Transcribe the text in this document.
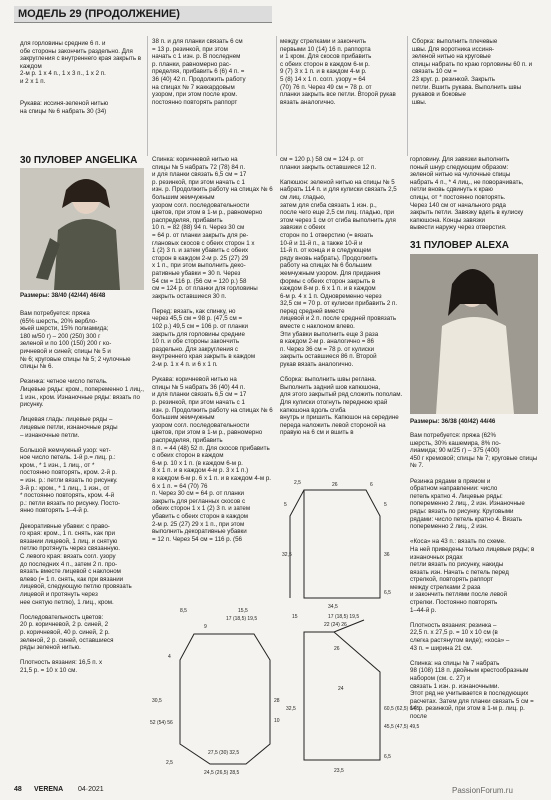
МОДЕЛЬ 29 (ПРОДОЛЖЕНИЕ)
для горловины средние 6 п. и
обе стороны закончить раздельно. Для закругления с внутреннего края закрыть в каждом
2-м р. 1 х 4 п., 1 х 3 п., 1 х 2 п.
и 2 х 1 п.
Рукава: иссиня-зеленой нитью
на спицы № 6 набрать 30 (34)
38 п. и для планки связать 6 см
= 13 р. резинкой, при этом
начать с 1 изн. р. В последнем
р. планки, равномерно рас-
пределяя, прибавить 6 (6) 4 п. =
36 (40) 42 п. Продолжить работу
на спицах № 7 жаккардовым
узором, при этом после кром.
постоянно повторять раппорт
между стрелками и закончить
первыми 10 (14) 16 п. раппорта
и 1 кром. Для скосов прибавить
с обеих сторон в каждом 6-м р.
9 (7) 3 х 1 п. и в каждом 4-м р.
5 (8) 14 х 1 п. согл. узору = 64
(70) 76 п. Через 49 см = 78 р. от
планки закрыть все петли. Второй рукав вязать аналогично.
Сборка: выполнить плечевые
швы. Для воротника иссиня-
зеленой нитью на круговые
спицы набрать по краю горловины 60 п. и связать 10 см =
23 круг. р. резинкой. Закрыть
петли. Вшить рукава. Выполнить швы рукавов и боковые
швы.
30 ПУЛОВЕР ANGELIKA
Размеры: 38/40 (42/44) 46/48
Вам потребуется: пряжа
(65% шерсть, 20% вербло-
жьей шерсти, 15% полиамида;
180 м/50 г) – 200 (250) 300 г
зеленой и по 100 (150) 200 г ко-
ричневой и синей; спицы № 5 и
№ 6; круговые спицы № 5; 2 чулочные спицы № 6.

Резинка: четное число петель.
Лицевые ряды: кром., попеременно 1 лиц., 1 изн., кром. Изнаночные ряды: вязать по рисунку.

Лицевая гладь: лицевые ряды –
лицевые петли, изнаночные ряды
– изнаночные петли.

Большой жемчужный узор: чет-
ное число петель. 1-й р.= лиц. р.:
кром., * 1 изн., 1 лиц., от *
постоянно повторять, кром. 2-й р.
= изн. р.: петли вязать по рисунку.
3-й р.: кром., * 1 лиц., 1 изн., от
* постоянно повторять, кром. 4-й
р.: петли вязать по рисунку. Посто-
янно повторять 1–4-й р.

Декоративные убавки: с право-
го края: кром., 1 п. снять, как при
вязании лицевой, 1 лиц. и снятую
петлю протянуть через связанную.
С левого края: вязать согл. узору
до последних 4 п., затем 2 п. про-
вязать вместе лицевой с наклоном
влево (= 1 п. снять, как при вязании лицевой, следующую петлю провязать лицевой и протянуть через
нее снятую петлю), 1 лиц., кром.

Последовательность цветов:
20 р. коричневой, 2 р. синей, 2
р. коричневой, 40 р. синей, 2 р.
зеленой, 2 р. синей, оставшиеся
ряды зеленой нитью.

Плотность вязания: 16,5 п. х
21,5 р. = 10 х 10 см.
Спинка: коричневой нитью на
спицы № 5 набрать 72 (78) 84 п.
и для планки связать 6,5 см = 17
р. резинкой, при этом начать с 1
изн. р. Продолжить работу на спицах № 6 большим жемчужным
узором согл. последовательности
цветов, при этом в 1-м р., равномерно распределяя, прибавить
10 п. = 82 (88) 94 п. Через 30 см
= 64 р. от планки закрыть для ре-
глановых скосов с обеих сторон 1 х
1 (2) 3 п. и затем убавить с обеих
сторон в каждом 2-м р. 25 (27) 29
х 1 п., при этом выполнить деко-
ративные убавки = 30 п. Через
54 см = 116 р. (56 см = 120 р.) 58
см = 124 р. от планки для горловины закрыть оставшиеся 30 п.

Перед: вязать, как спинку, но
через 45,5 см = 98 р. (47,5 см =
102 р.) 49,5 см = 106 р. от планки
закрыть для горловины средние
10 п. и обе стороны закончить
раздельно. Для закругления с внутреннего края закрыть в каждом
2-м р. 1 х 4 п. и 6 х 1 п.

Рукава: коричневой нитью на
спицы № 5 набрать 36 (40) 44 п.
и для планки связать 6,5 см = 17
р. резинкой, при этом начать с 1
изн. р. Продолжить работу на спицах № 6 большим жемчужным
узором согл. последовательности
цветов, при этом в 1-м р., равномерно распределяя, прибавить
8 п. = 44 (48) 52 п. Для скосов прибавить с обеих сторон в каждом
6-м р. 10 х 1 п. (в каждом 6-м р.
8 х 1 п. и в каждом 4-м р. 3 х 1 п.)
в каждом 6-м р. 6 х 1 п. и в каждом 4-м р. 6 х 1 п. = 64 (70) 76
п. Через 30 см = 64 р. от планки
закрыть для регланных скосов с
обеих сторон 1 х 1 (2) 3 п. и затем
убавить с обеих сторон в каждом
2-м р. 25 (27) 29 х 1 п., при этом
выполнить декоративные убавки
= 12 п. Через 54 см = 116 р. (56
см = 120 р.) 58 см = 124 р. от
планки закрыть оставшиеся 12 п.

Капюшон: зеленой нитью на спицы № 5 набрать 114 п. и для кулиски связать 2,5 см лиц. гладью,
затем для сгиба связать 1 изн. р.,
после чего еще 2,5 см лиц. гладью, при этом через 1 см от сгиба выполнить для завязки с обеих
сторон по 1 отверстию (= вязать
10-й и 11-й п., а также 10-й и
11-й п. от конца и в следующем
ряду вновь набрать). Продолжить
работу на спицах № 6 большим
жемчужным узором. Для придания
формы с обеих сторон закрыть в
каждом 8-м р. 6 х 1 п. и в каждом
6-м р. 4 х 1 п. Одновременно через
32,5 см = 70 р. от кулиски прибавить 2 п. перед средней вместе
лицевой и 2 п. после средней провязать вместе с наклоном влево.
Эти убавки выполнить еще 3 раза
в каждом 2-м р. аналогично = 86
п. Через 36 см = 78 р. от кулиски
закрыть оставшиеся 86 п. Второй
рукав вязать аналогично.

Сборка: выполнить швы реглана.
Выполнить задний шов капюшона,
для этого закрытый ряд сложить пополам. Для кулиски отогнуть переднюю край капюшона вдоль сгиба
внутрь и пришить. Капюшон на середине переда наложить левой стороной на правую на 6 см и вшить в
горловину. Для завязки выполнить
поный шнур следующим образом:
зеленой нитью на чулочные спицы
набрать 4 п., * 4 лиц., не поворачивать, петли вновь сдвинуть к краю
спицы, от * постоянно повторять.
Через 140 см от начального ряда
закрыть петли. Завязку вдеть в кулиску капюшона. Концы завязки
вывести наружу через отверстия.
31 ПУЛОВЕР ALEXA
Размеры: 36/38 (40/42) 44/46
Вам потребуется: пряжа (62%
шерсть, 30% кашемира, 8% по-
лиамида; 90 м/25 г) – 375 (400)
450 г кремовой; спицы № 7; круговые спицы № 7.

Резинка рядами в прямом и
обратном направлении: число
петель кратно 4. Лицевые ряды:
попеременно 2 лиц., 2 изн. Изнаночные ряды: вязать по рисунку. Круговыми рядами: число петель кратно 4. Вязать попеременно 2 лиц., 2 изн.

«Коса» на 43 п.: вязать по схеме.
На ней приведены только лицевые ряды; в изнаночных рядах
петли вязать по рисунку, накиды
вязать изн. Начать с петель перед стрелкой, повторять раппорт
между стрелками 2 раза
и закончить петлями после левой
стрелки. Постоянно повторять
1–44-й р.

Плотность вязания: резинка –
22,5 п. х 27,5 р. = 10 х 10 см (в
слегка растянутом виде); «коса» –
43 п. = ширина 21 см.

Спинка: на спицы № 7 набрать
98 (108) 118 п. двойным крестообразным набором (см. с. 27) и
связать 1 изн. р. изнаночными.
Этот ряд не учитывается в последующих расчетах. Затем для планки связать 5 см = 14 р. резинкой, при этом в 1-м р. лиц. р. после
2,5	26	6
5	5
32,5	36
34,5
6,5
8,5	15,5
17 (18,5) 19,5
9
30,5	28
4
52 (54) 56	10
27,5 (30) 32,5
24,5 (26,5) 28,5
2,5
15	17 (18,5) 19,5
22 (24) 26
60,5 (62,5) 64,5
45,5 (47,5) 49,5
32,5
26
24
23,5
6,5
48 VERENA 04·2021	PassionForum.ru
